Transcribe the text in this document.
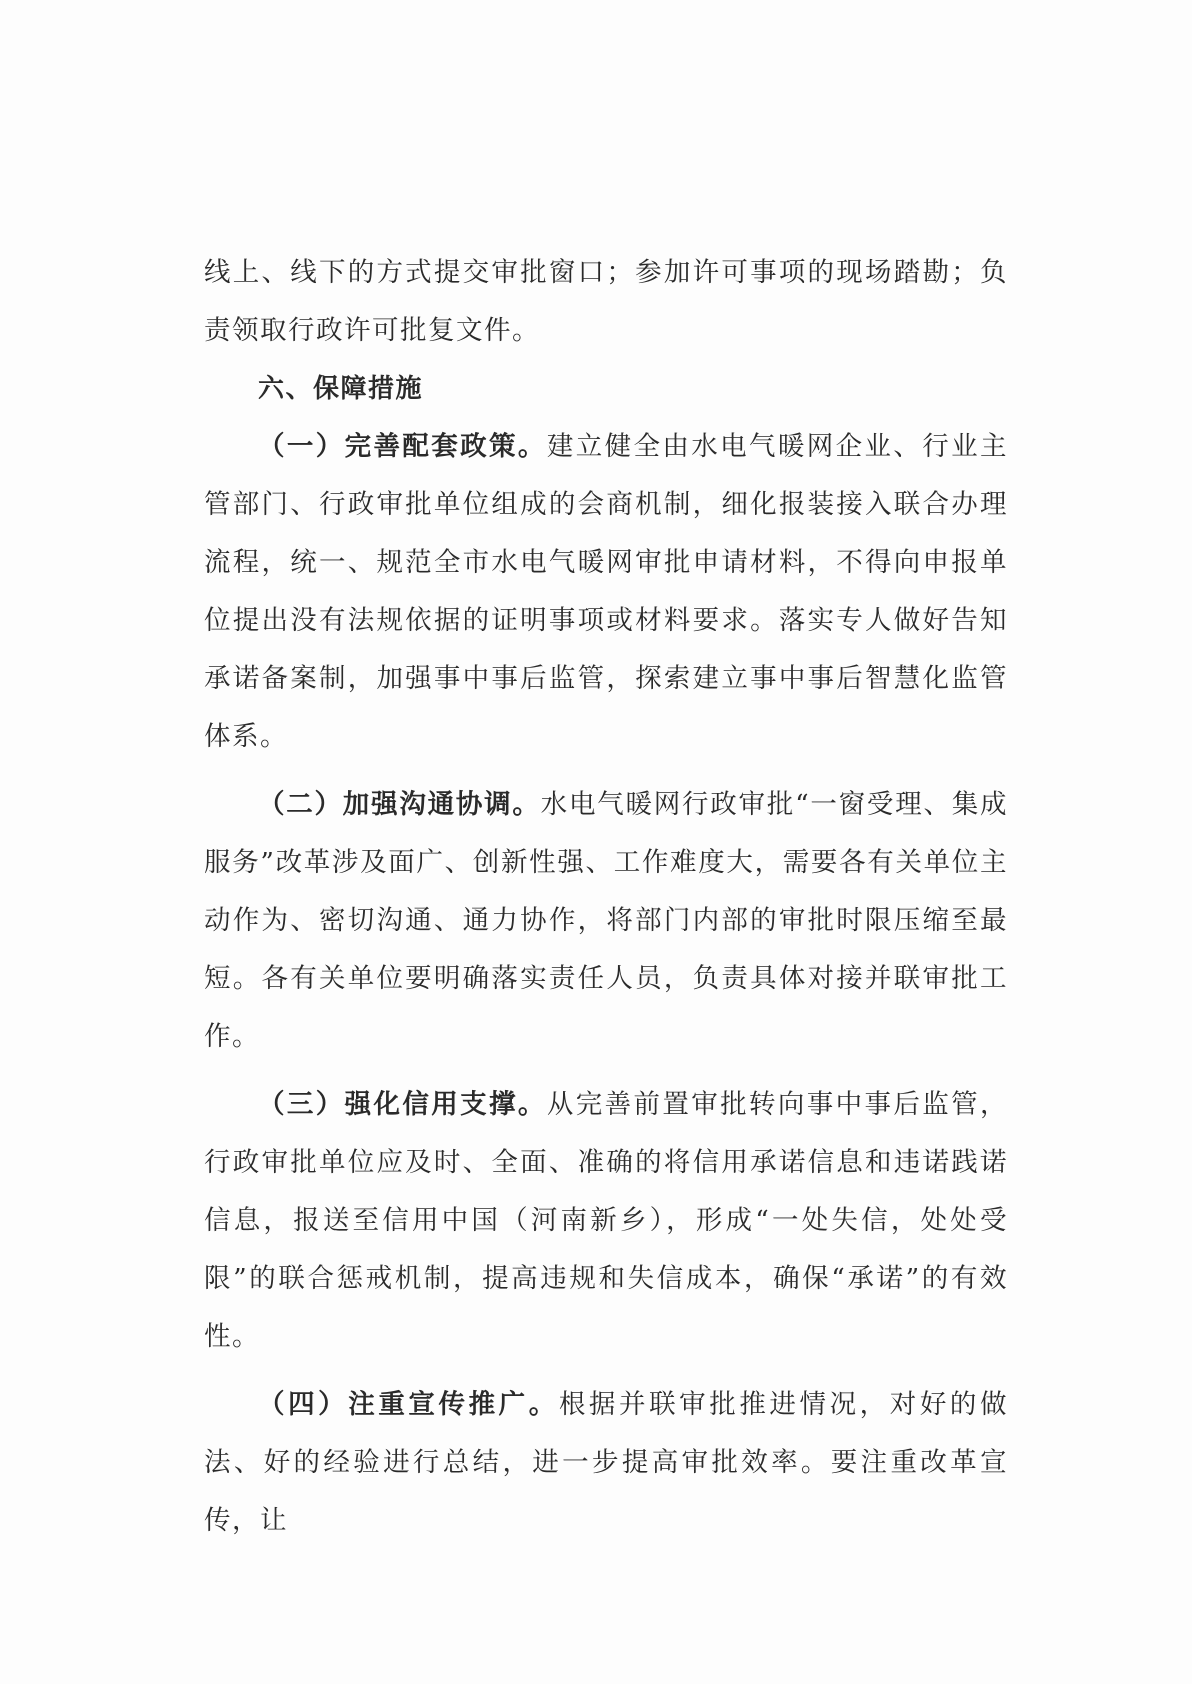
线上、线下的方式提交审批窗口；参加许可事项的现场踏勘；负责领取行政许可批复文件。

六、保障措施

（一）完善配套政策。建立健全由水电气暖网企业、行业主管部门、行政审批单位组成的会商机制，细化报装接入联合办理流程，统一、规范全市水电气暖网审批申请材料，不得向申报单位提出没有法规依据的证明事项或材料要求。落实专人做好告知承诺备案制，加强事中事后监管，探索建立事中事后智慧化监管体系。

（二）加强沟通协调。水电气暖网行政审批“一窗受理、集成服务”改革涉及面广、创新性强、工作难度大，需要各有关单位主动作为、密切沟通、通力协作，将部门内部的审批时限压缩至最短。各有关单位要明确落实责任人员，负责具体对接并联审批工作。

（三）强化信用支撑。从完善前置审批转向事中事后监管，行政审批单位应及时、全面、准确的将信用承诺信息和违诺践诺信息，报送至信用中国（河南新乡），形成“一处失信，处处受限”的联合惩戒机制，提高违规和失信成本，确保“承诺”的有效性。

（四）注重宣传推广。根据并联审批推进情况，对好的做法、好的经验进行总结，进一步提高审批效率。要注重改革宣传，让
